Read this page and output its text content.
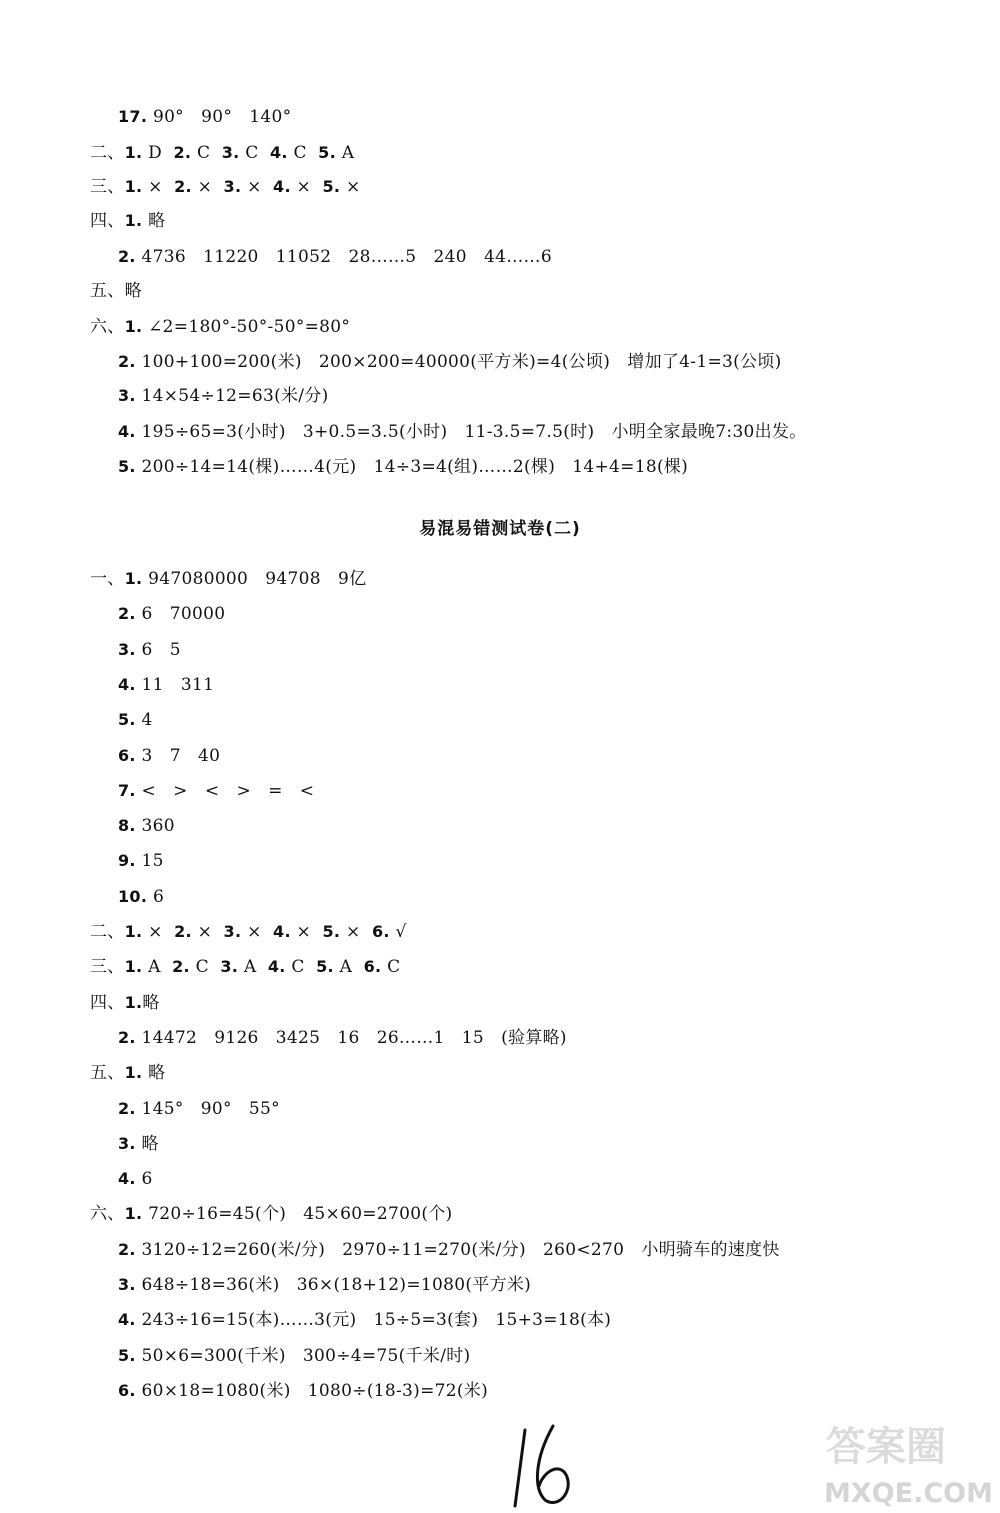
17. 90°   90°   140°
二、1. D  2. C  3. C  4. C  5. A
三、1. ×  2. ×  3. ×  4. ×  5. ×
四、1. 略
2. 4736   11220   11052   28……5   240   44……6
五、略
六、1. ∠2=180°-50°-50°=80°
2. 100+100=200(米)   200×200=40000(平方米)=4(公顷)   增加了4-1=3(公顷)
3. 14×54÷12=63(米/分)
4. 195÷65=3(小时)   3+0.5=3.5(小时)   11-3.5=7.5(时)   小明全家最晚7:30出发。
5. 200÷14=14(棵)……4(元)   14÷3=4(组)……2(棵)   14+4=18(棵)
一、1. 947080000   94708   9亿
2. 6   70000
3. 6   5
4. 11   311
5. 4
6. 3   7   40
7. <   >   <   >   =   <
8. 360
9. 15
10. 6
二、1. ×  2. ×  3. ×  4. ×  5. ×  6. √
三、1. A  2. C  3. A  4. C  5. A  6. C
四、1.略
2. 14472   9126   3425   16   26……1   15   (验算略)
五、1. 略
2. 145°   90°   55°
3. 略
4. 6
六、1. 720÷16=45(个)   45×60=2700(个)
2. 3120÷12=260(米/分)   2970÷11=270(米/分)   260<270   小明骑车的速度快
3. 648÷18=36(米)   36×(18+12)=1080(平方米)
4. 243÷16=15(本)……3(元)   15÷5=3(套)   15+3=18(本)
5. 50×6=300(千米)   300÷4=75(千米/时)
6. 60×18=1080(米)   1080÷(18-3)=72(米)
易混易错测试卷(二)
答案圈
MXQE.COM
